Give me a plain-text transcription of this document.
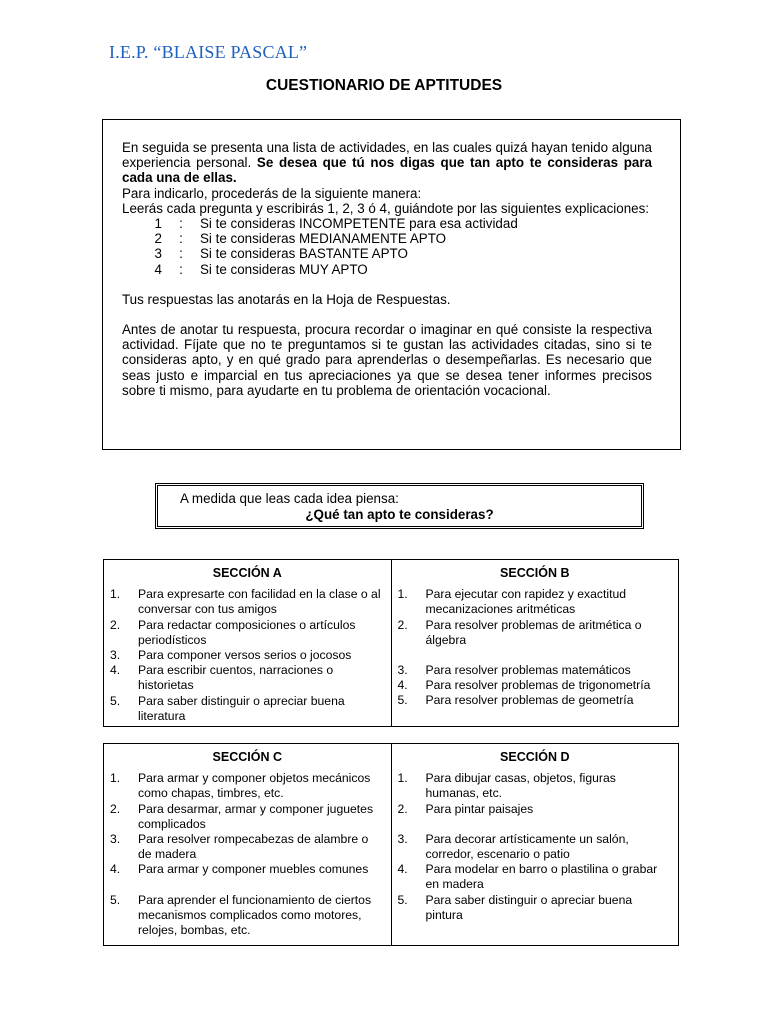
I.E.P. “BLAISE PASCAL”
CUESTIONARIO DE APTITUDES

En seguida se presenta una lista de actividades, en las cuales quizá hayan tenido alguna experiencia personal. Se desea que tú nos digas que tan apto te consideras para cada una de ellas.

Para indicarlo, procederás de la siguiente manera:

Leerás cada pregunta y escribirás 1, 2, 3 ó 4, guiándote por las siguientes explicaciones:

1	:	Si te consideras INCOMPETENTE para esa actividad
2	:	Si te consideras MEDIANAMENTE APTO
3	:	Si te consideras BASTANTE APTO
4	:	Si te consideras MUY APTO

Tus respuestas las anotarás en la Hoja de Respuestas.

Antes de anotar tu respuesta, procura recordar o imaginar en qué consiste la respectiva actividad. Fíjate que no te preguntamos si te gustan las actividades citadas, sino si te consideras apto, y en qué grado para aprenderlas o desempeñarlas. Es necesario que seas justo e imparcial en tus apreciaciones ya que se desea tener informes precisos sobre ti mismo, para ayudarte en tu problema de orientación vocacional.

A medida que leas cada idea piensa:
¿Qué tan apto te consideras?
SECCIÓN A
1.	Para expresarte con facilidad en la clase o al conversar con tus amigos
2.	Para redactar composiciones o artículos periodísticos
3.	Para componer versos serios o jocosos
4.	Para escribir cuentos, narraciones o historietas
5.	Para saber distinguir o apreciar buena literatura

SECCIÓN B
1.	Para ejecutar con rapidez y exactitud mecanizaciones aritméticas
2.	Para resolver problemas de aritmética o álgebra
3.	Para resolver problemas matemáticos
4.	Para resolver problemas de trigonometría
5.	Para resolver problemas de geometría
SECCIÓN C
1.	Para armar y componer objetos mecánicos como chapas, timbres, etc.
2.	Para desarmar, armar y componer juguetes complicados
3.	Para resolver rompecabezas de alambre o de madera
4.	Para armar y componer muebles comunes
5.	Para aprender el funcionamiento de ciertos mecanismos complicados como motores, relojes, bombas, etc.

SECCIÓN D
1.	Para dibujar casas, objetos, figuras humanas, etc.
2.	Para pintar paisajes
3.	Para decorar artísticamente un salón, corredor, escenario o patio
4.	Para modelar en barro o plastilina o grabar en madera
5.	Para saber distinguir o apreciar buena pintura
